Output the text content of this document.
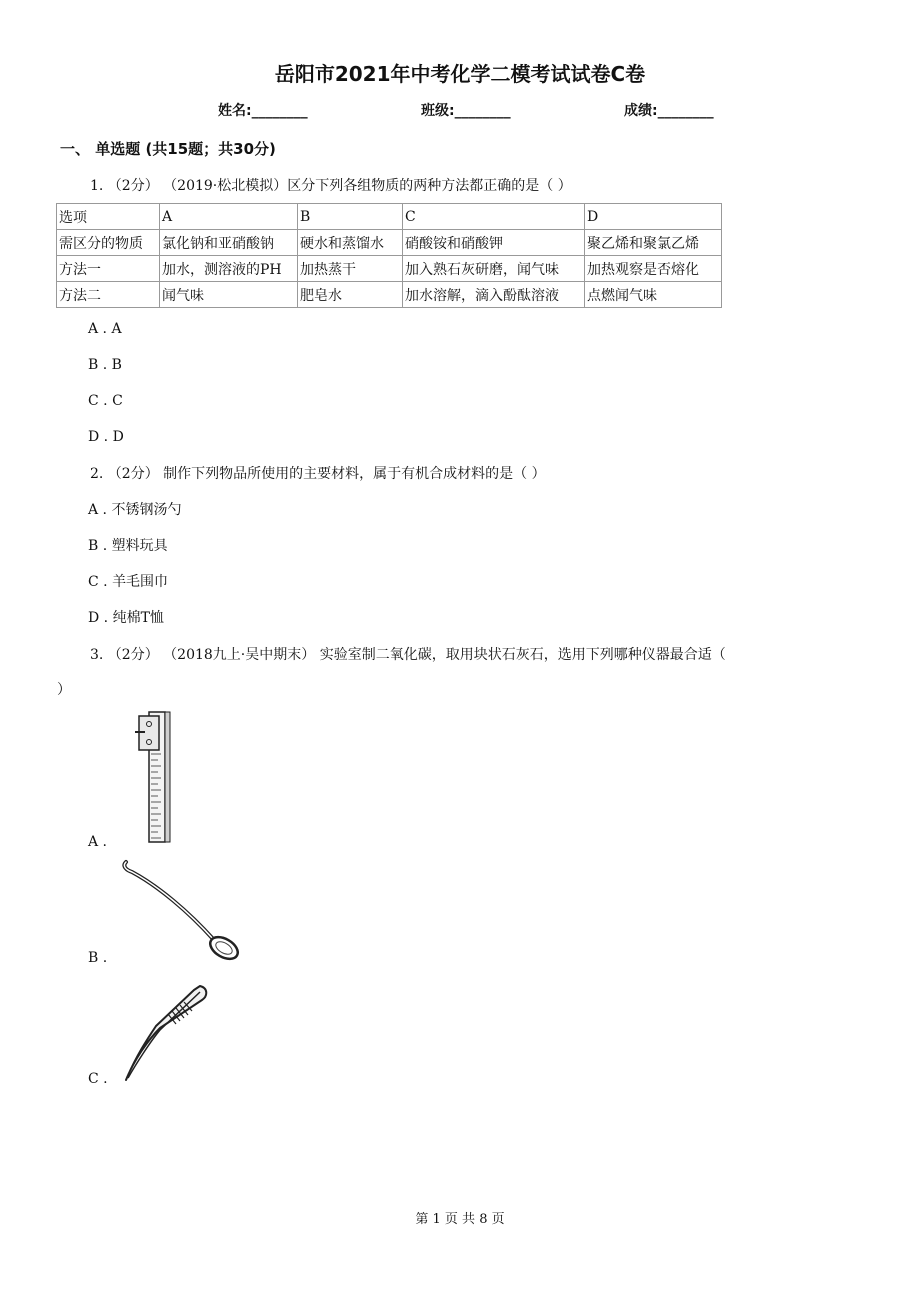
岳阳市2021年中考化学二模考试试卷C卷
姓名:________	班级:________	成绩:________
一、 单选题 (共15题；共30分)
1. （2分） （2019·松北模拟）区分下列各组物质的两种方法都正确的是（ ）
选项	A	B	C	D
需区分的物质	氯化钠和亚硝酸钠	硬水和蒸馏水	硝酸铵和硝酸钾	聚乙烯和聚氯乙烯
方法一	加水，测溶液的PH	加热蒸干	加入熟石灰研磨，闻气味	加热观察是否熔化
方法二	闻气味	肥皂水	加水溶解，滴入酚酞溶液	点燃闻气味
A . A
B . B
C . C
D . D
2. （2分） 制作下列物品所使用的主要材料，属于有机合成材料的是（ ）
A . 不锈钢汤勺
B . 塑料玩具
C . 羊毛围巾
D . 纯棉T恤
3. （2分） （2018九上·吴中期末） 实验室制二氧化碳，取用块状石灰石，选用下列哪种仪器最合适（
）
A .
B .
C .
第 1 页 共 8 页
